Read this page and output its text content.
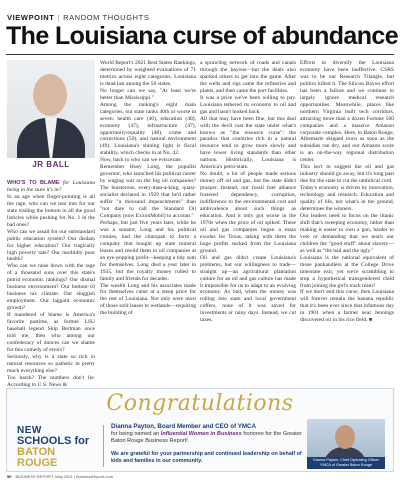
VIEWPOINT | RANDOM THOUGHTS
The Louisiana curse of abundance
JR BALL

WHO'S TO BLAME for Louisiana being in the state it's in?

In an age when finger-pointing is all the rage, who can we tear into for our state trailing the bottom in all the good listicles while pushing for No. 1 in the bad ones?

Who can we assail for our substandard public education system? Our disdain for higher education? Our tragically high poverty rate? Our morbidly poor health?

Who can we raise down with the rage of a thousand suns over this state's putrid economic rankings? Our dismal business environment? Our bottom-10 business tax climate. Our sluggish employment. Our laggard economic growth?

If mandered of blame is America's favorite pastime, as former LSU baseball legend Skip Bertman once told me, then who among our confederacy of dunces can we shame for this comedy of errors?

Seriously, why is a state so rich in natural resources so pathetic in pretty much everything else?

Too harsh? The numbers don't lie. According to U.S. News &

World Report's 2021 Best States Rankings, determined by weighted evaluations of 71 metrics across eight categories, Louisiana is dead last among the 50 states.

No longer can we say, "At least we're better than Mississippi."

Among the ranking's eight main categories, our state ranks 40th or worse in seven: health care (46), education (48), economy (47), infrastructure (47), opportunity/equality (48), crime and corrections (50), and natural environment (49). Louisiana's shining light is fiscal stability, which checks in at No. 42.

Now, back to who can we eviscerate.

Remember Huey Long, the populist governor, who launched his political career by waging war on the big oil companies? The boisterous, every-man-a-king, quasi-socialist declared in 1929 that he'd rather suffer "a thousand impeachments" than "not dare to call the Standard Oil Company (now ExxonMobil) to account."

Perhaps, but just five years later, while he was a senator, Long and his political cronies, had the chutzpah to form a company that bought up state mineral leases and resold them to oil companies at an eye-popping profit—keeping a tidy sum for themselves. Long died a year later in 1935, but the royalty money rolled to family and friends for decades.

The wealth Long and his associates made for themselves came at a steep price for the rest of Louisiana. Not only were most of those sold leases to wetlands—requiring the building of

a sprawling network of roads and canals through the bayous—but the deals also sparked others to get into the game. After the wells and rigs came the refineries and plants, and then came the port facilities.

It was a price we've been willing to pay. Louisiana tethered its economy to oil and gas and hasn't looked back.

All that may have been fine, but this deal with the devil cast the state under what's known as "the resource curse": the paradox that countries rich in a natural resource tend to grow more slowly and have lower living standards than other nations. Historically, Louisiana is America's petro-state.

No doubt, a lot of people made serious money off oil and gas, but the state didn't prosper. Instead, our fossil fuel alliance fostered dependency, corruption, indifference to the environmental cost and ambivalence about such things as education. And it only got worse in the 1970s when the price of oil spiked. These oil and gas companies began a mass exodus for Texas, taking with them the huge profits sucked from the Louisiana ground.

Oil and gas didn't create Louisiana's problems, but our willingness to trade—straight up—an agricultural plantation culture for an oil and gas culture has made it impossible for us to adapt to an evolving economy. As bad, when the money was rolling into state and local government coffers, none of it was saved for investments or rainy days. Instead, we cut taxes.

Efforts to diversify the Louisiana economy have been ineffective. CSRS was to be our Research Triangle, but politics killed it. The Silicon Bayou effort has been a failure and we continue to largely ignore medical research opportunities. Meanwhile, places like northern Virginia built tech corridors, attracting more than a dozen Fortune 500 companies and a massive Amazon corporate complex. Here, in Baton Rouge, Albemarle skipped town as soon as the subsidies ran dry, and our Amazon score is an on-the-way regional distribution center.

This isn't to suggest the oil and gas industry should go away, but it's long past due for the state to cut the umbilical cord.

Today's economy is driven by innovation, technology and research. Education and quality of life, not what's in the ground, determines the winners.

Our leaders need to focus on the titanic shift that's sweeping economy, rather than making it easier to own a gun, harder to vote or demanding that we teach our children the "good stuff" about slavery—as well as "the bad and the ugly."

Louisiana is the national equivalent of those panhandlers at the College Drive interstate exit, yet we're scrambling to stop a hypothetical transgendered child from joining the girl's track team?

If we don't end this curse, then Louisiana will forever remain the banana republic that it's been ever since that infamous day in 1901 when a farmer near Jennings discovered oil in his rice field. ■

Congratulations
NEW
SCHOOLS for
BATON ROUGE
Dianna Payton, Board Member and CEO of YMCA
for being named an Influential Women in Business honoree for the Greater Baton Rouge Business Report!
We are grateful for your partnership and continued leadership on behalf of kids and families in our community.	Dianna Payton, Chief Operating Officer YMCA of Greater Baton Rouge
90 BUSINESS REPORT, May 2021 | BusinessReport.com
